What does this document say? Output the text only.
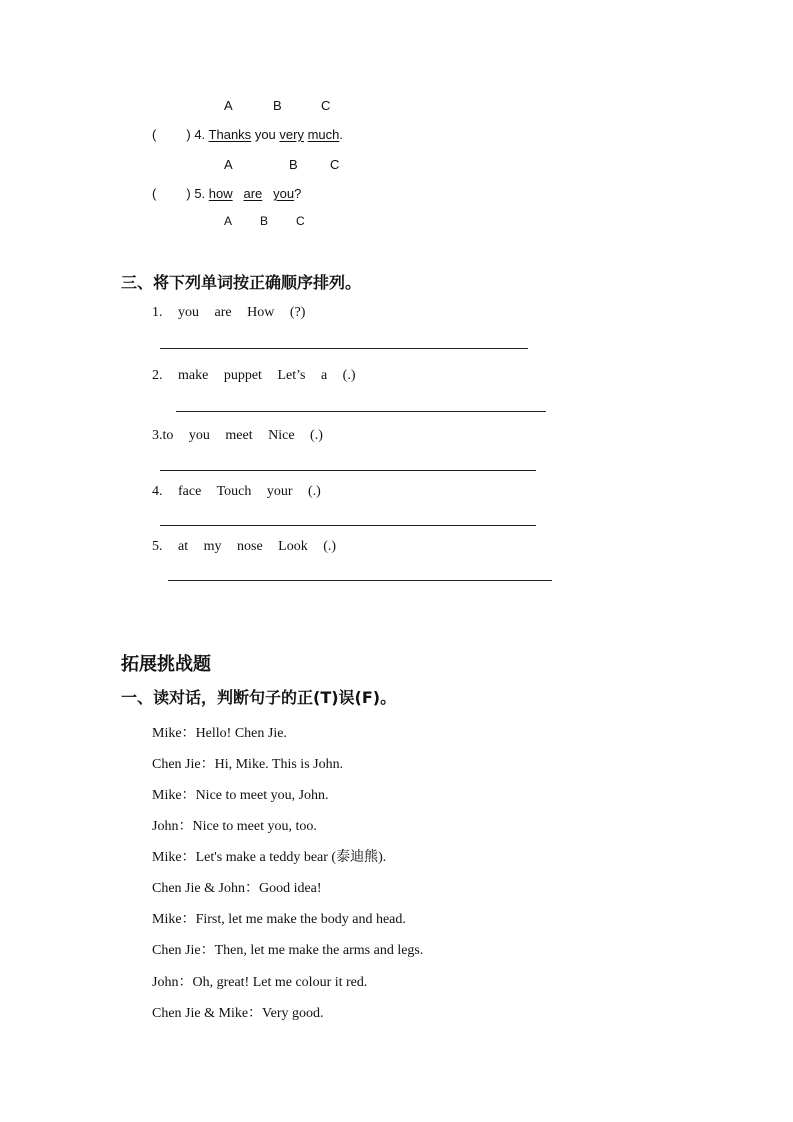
A	B	C
( ) 4. Thanks you very much.
A	B C
( ) 5. how are you?
A B C
三、将下列单词按正确顺序排列。
1. you are How (?)
2. make puppet Let’s a (.)
3.to you meet Nice (.)
4. face Touch your (.)
5. at my nose Look (.)
拓展挑战题
一、读对话，判断句子的正(T)误(F)。
Mike：Hello! Chen Jie.
Chen Jie：Hi, Mike. This is John.
Mike：Nice to meet you, John.
John：Nice to meet you, too.
Mike：Let's make a teddy bear (泰迪熊).
Chen Jie & John：Good idea!
Mike：First, let me make the body and head.
Chen Jie：Then, let me make the arms and legs.
John：Oh, great! Let me colour it red.
Chen Jie & Mike：Very good.
